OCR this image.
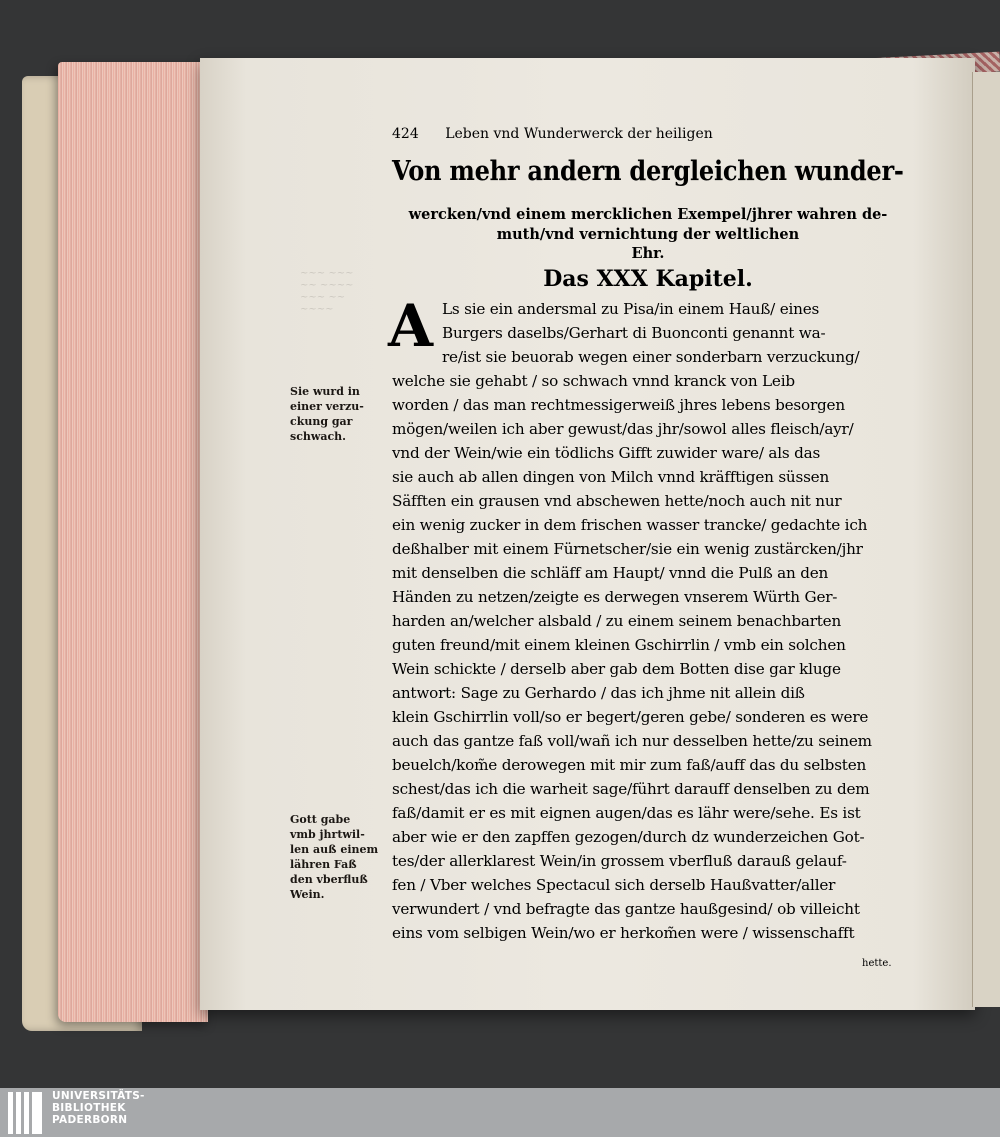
~~~ ~~~
~~ ~~~~
~~~ ~~
~~~~
424 Leben vnd Wunderwerck der heiligen
Von mehr andern dergleichen wunder-
wercken/vnd einem mercklichen Exempel/jhrer wahren de-
muth/vnd vernichtung der weltlichen
Ehr.
Das XXX Kapitel.
A Ls sie ein andersmal zu Pisa/in einem Hauß/ eines
Burgers daselbs/Gerhart di Buonconti genannt wa-
re/ist sie beuorab wegen einer sonderbarn verzuckung/
welche sie gehabt / so schwach vnnd kranck von Leib
worden / das man rechtmessigerweiß jhres lebens besorgen
mögen/weilen ich aber gewust/das jhr/sowol alles fleisch/ayr/
vnd der Wein/wie ein tödlichs Gifft zuwider ware/ als das
sie auch ab allen dingen von Milch vnnd kräfftigen süssen
Säfften ein grausen vnd abschewen hette/noch auch nit nur
ein wenig zucker in dem frischen wasser trancke/ gedachte ich
deßhalber mit einem Fürnetscher/sie ein wenig zustärcken/jhr
mit denselben die schläff am Haupt/ vnnd die Pulß an den
Händen zu netzen/zeigte es derwegen vnserem Würth Ger-
harden an/welcher alsbald / zu einem seinem benachbarten
guten freund/mit einem kleinen Gschirrlin / vmb ein solchen
Wein schickte / derselb aber gab dem Botten dise gar kluge
antwort: Sage zu Gerhardo / das ich jhme nit allein diß
klein Gschirrlin voll/so er begert/geren gebe/ sonderen es were
auch das gantze faß voll/wañ ich nur desselben hette/zu seinem
beuelch/kom̃e derowegen mit mir zum faß/auff das du selbsten
schest/das ich die warheit sage/führt darauff denselben zu dem
faß/damit er es mit eignen augen/das es lähr were/sehe. Es ist
aber wie er den zapffen gezogen/durch dz wunderzeichen Got-
tes/der allerklarest Wein/in grossem vberfluß darauß gelauf-
fen / Vber welches Spectacul sich derselb Haußvatter/aller
verwundert / vnd befragte das gantze haußgesind/ ob villeicht
eins vom selbigen Wein/wo er herkom̃en were / wissenschafft
Sie wurd in
einer verzu-
ckung gar
schwach.
Gott gabe
vmb jhrtwil-
len auß einem
lähren Faß
den vberfluß
Wein.
hette.
UNIVERSITÄTS-
BIBLIOTHEK
PADERBORN
